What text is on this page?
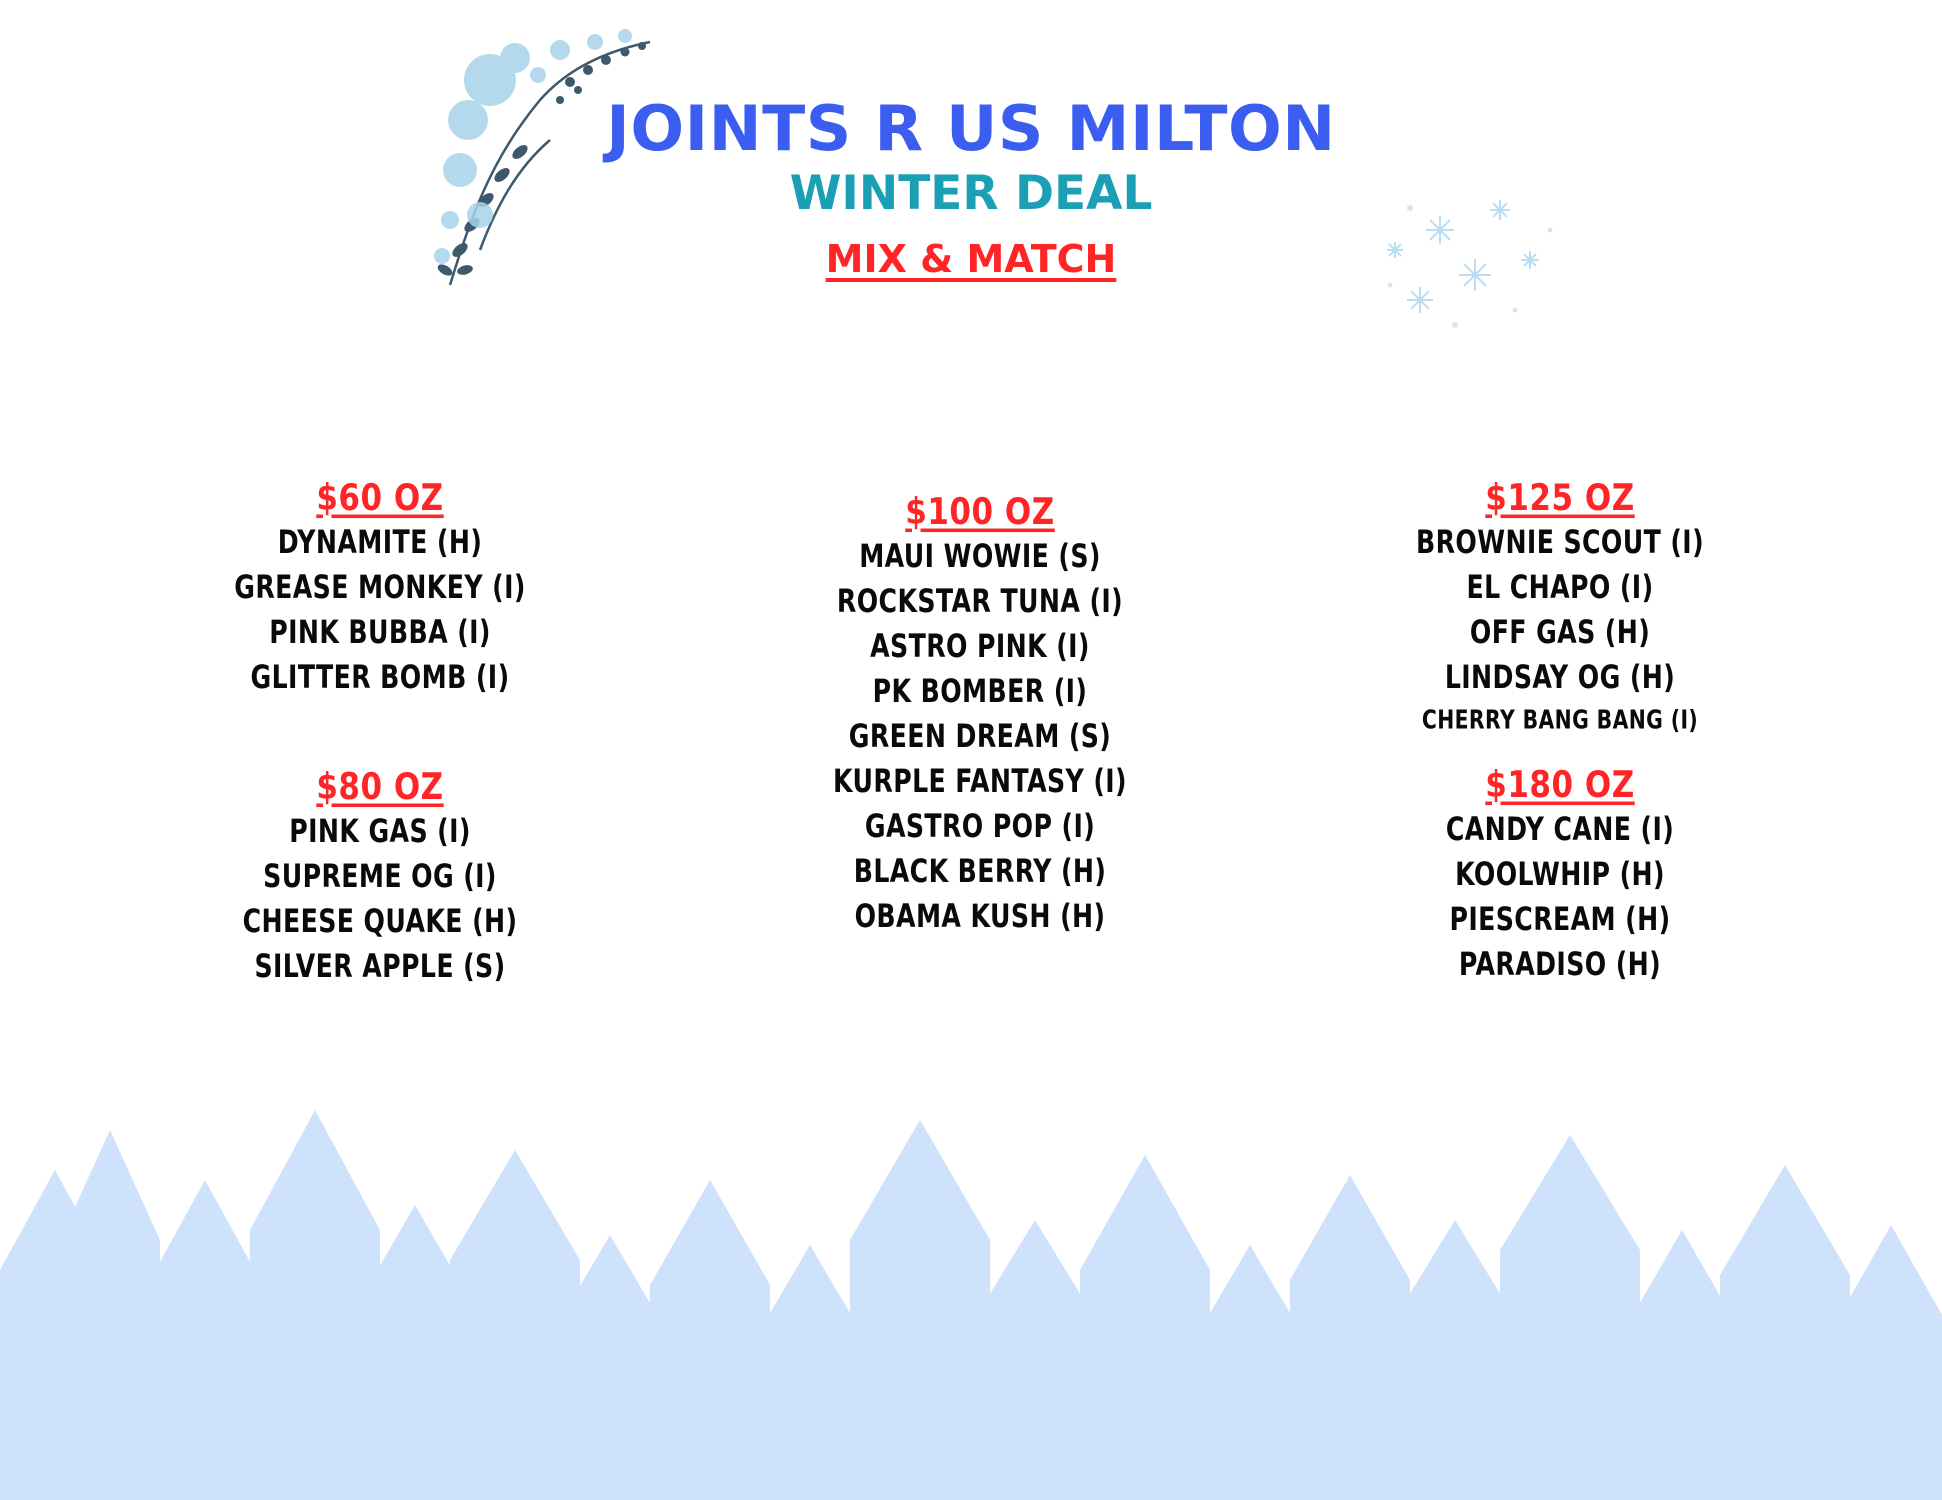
JOINTS R US MILTON
WINTER DEAL
MIX & MATCH
$60 OZ
DYNAMITE (H)
GREASE MONKEY (I)
PINK BUBBA (I)
GLITTER BOMB (I)
$80 OZ
PINK GAS (I)
SUPREME OG (I)
CHEESE QUAKE (H)
SILVER APPLE (S)
$100 OZ
MAUI WOWIE (S)
ROCKSTAR TUNA (I)
ASTRO PINK (I)
PK BOMBER (I)
GREEN DREAM (S)
KURPLE FANTASY (I)
GASTRO POP (I)
BLACK BERRY (H)
OBAMA KUSH (H)
$125 OZ
BROWNIE SCOUT (I)
EL CHAPO (I)
OFF GAS (H)
LINDSAY OG (H)
CHERRY BANG BANG (I)
$180 OZ
CANDY CANE (I)
KOOLWHIP (H)
PIESCREAM (H)
PARADISO (H)
